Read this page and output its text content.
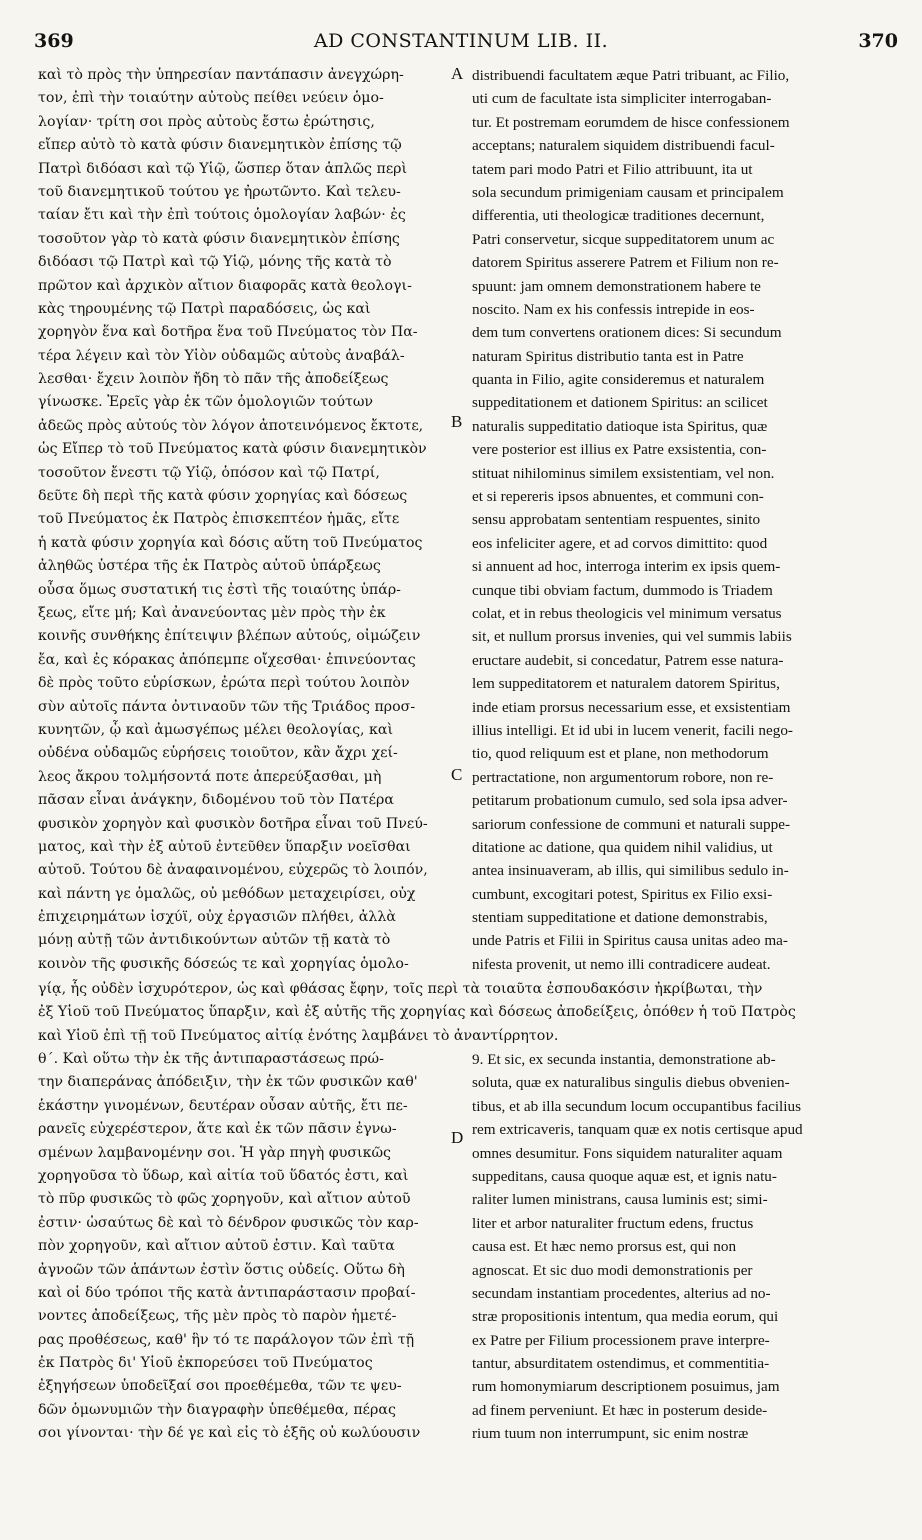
369	AD CONSTANTINUM LIB. II.	370
A
B
C
D
καὶ τὸ πρὸς τὴν ὑπηρεσίαν παντάπασιν ἀνεγχώρη-
τον, ἐπὶ τὴν τοιαύτην αὐτοὺς πείθει νεύειν ὁμο-
λογίαν· τρίτη σοι πρὸς αὐτοὺς ἔστω ἐρώτησις,
εἴπερ αὐτὸ τὸ κατὰ φύσιν διανεμητικὸν ἐπίσης τῷ
Πατρὶ διδόασι καὶ τῷ Υἱῷ, ὥσπερ ὅταν ἁπλῶς περὶ
τοῦ διανεμητικοῦ τούτου γε ἠρωτῶντο. Καὶ τελευ-
ταίαν ἔτι καὶ τὴν ἐπὶ τούτοις ὁμολογίαν λαβών· ἐς
τοσοῦτον γὰρ τὸ κατὰ φύσιν διανεμητικὸν ἐπίσης
διδόασι τῷ Πατρὶ καὶ τῷ Υἱῷ, μόνης τῆς κατὰ τὸ
πρῶτον καὶ ἀρχικὸν αἴτιον διαφορᾶς κατὰ θεολογι-
κὰς τηρουμένης τῷ Πατρὶ παραδόσεις, ὡς καὶ
χορηγὸν ἕνα καὶ δοτῆρα ἕνα τοῦ Πνεύματος τὸν Πα-
τέρα λέγειν καὶ τὸν Υἱὸν οὐδαμῶς αὐτοὺς ἀναβάλ-
λεσθαι· ἔχειν λοιπὸν ἤδη τὸ πᾶν τῆς ἀποδείξεως
γίνωσκε. Ἐρεῖς γὰρ ἐκ τῶν ὁμολογιῶν τούτων
ἀδεῶς πρὸς αὐτούς τὸν λόγον ἀποτεινόμενος ἔκτοτε,
ὡς Εἴπερ τὸ τοῦ Πνεύματος κατὰ φύσιν διανεμητικὸν
τοσοῦτον ἔνεστι τῷ Υἱῷ, ὁπόσον καὶ τῷ Πατρί,
δεῦτε δὴ περὶ τῆς κατὰ φύσιν χορηγίας καὶ δόσεως
τοῦ Πνεύματος ἐκ Πατρὸς ἐπισκεπτέον ἡμᾶς, εἴτε
ἡ κατὰ φύσιν χορηγία καὶ δόσις αὕτη τοῦ Πνεύματος
ἀληθῶς ὑστέρα τῆς ἐκ Πατρὸς αὐτοῦ ὑπάρξεως
οὖσα ὅμως συστατική τις ἐστὶ τῆς τοιαύτης ὑπάρ-
ξεως, εἴτε μή; Καὶ ἀνανεύοντας μὲν πρὸς τὴν ἐκ
κοινῆς συνθήκης ἐπίτειψιν βλέπων αὐτούς, οἰμώζειν
ἔα, καὶ ἐς κόρακας ἀπόπεμπε οἴχεσθαι· ἐπινεύοντας
δὲ πρὸς τοῦτο εὑρίσκων, ἐρώτα περὶ τούτου λοιπὸν
σὺν αὐτοῖς πάντα ὀντιναοῦν τῶν τῆς Τριάδος προσ-
κυνητῶν, ᾧ καὶ ἀμωσγέπως μέλει θεολογίας, καὶ
οὐδένα οὐδαμῶς εὑρήσεις τοιοῦτον, κἂν ἄχρι χεί-
λεος ἄκρου τολμήσοντά ποτε ἀπερεύξασθαι, μὴ
πᾶσαν εἶναι ἀνάγκην, διδομένου τοῦ τὸν Πατέρα
φυσικὸν χορηγὸν καὶ φυσικὸν δοτῆρα εἶναι τοῦ Πνεύ-
ματος, καὶ τὴν ἐξ αὐτοῦ ἐντεῦθεν ὕπαρξιν νοεῖσθαι
αὐτοῦ. Τούτου δὲ ἀναφαινομένου, εὐχερῶς τὸ λοιπόν,
καὶ πάντη γε ὁμαλῶς, οὐ μεθόδων μεταχειρίσει, οὐχ
ἐπιχειρημάτων ἰσχύϊ, οὐχ ἐργασιῶν πλήθει, ἀλλὰ
μόνῃ αὐτῇ τῶν ἀντιδικούντων αὐτῶν τῇ κατὰ τὸ
κοινὸν τῆς φυσικῆς δόσεώς τε καὶ χορηγίας ὁμολο-
distribuendi facultatem æque Patri tribuant, ac Filio,
uti cum de facultate ista simpliciter interrogaban-
tur. Et postremam eorumdem de hisce confessionem
acceptans; naturalem siquidem distribuendi facul-
tatem pari modo Patri et Filio attribuunt, ita ut
sola secundum primigeniam causam et principalem
differentia, uti theologicæ traditiones decernunt,
Patri conservetur, sicque suppeditatorem unum ac
datorem Spiritus asserere Patrem et Filium non re-
spuunt: jam omnem demonstrationem habere te
noscito. Nam ex his confessis intrepide in eos-
dem tum convertens orationem dices: Si secundum
naturam Spiritus distributio tanta est in Patre
quanta in Filio, agite consideremus et naturalem
suppeditationem et dationem Spiritus: an scilicet
naturalis suppeditatio datioque ista Spiritus, quæ
vere posterior est illius ex Patre exsistentia, con-
stituat nihilominus similem exsistentiam, vel non.
et si repereris ipsos abnuentes, et communi con-
sensu approbatam sententiam respuentes, sinito
eos infeliciter agere, et ad corvos dimittito: quod
si annuent ad hoc, interroga interim ex ipsis quem-
cunque tibi obviam factum, dummodo is Triadem
colat, et in rebus theologicis vel minimum versatus
sit, et nullum prorsus invenies, qui vel summis labiis
eructare audebit, si concedatur, Patrem esse natura-
lem suppeditatorem et naturalem datorem Spiritus,
inde etiam prorsus necessarium esse, et exsistentiam
illius intelligi. Et id ubi in lucem venerit, facili nego-
tio, quod reliquum est et plane, non methodorum
pertractatione, non argumentorum robore, non re-
petitarum probationum cumulo, sed sola ipsa adver-
sariorum confessione de communi et naturali suppe-
ditatione ac datione, qua quidem nihil validius, ut
antea insinuaveram, ab illis, qui similibus sedulo in-
cumbunt, excogitari potest, Spiritus ex Filio exsi-
stentiam suppeditatione et datione demonstrabis,
unde Patris et Filii in Spiritus causa unitas adeo ma-
nifesta provenit, ut nemo illi contradicere audeat.
γίᾳ, ἧς οὐδὲν ἰσχυρότερον, ὡς καὶ φθάσας ἔφην, τοῖς περὶ τὰ τοιαῦτα ἐσπουδακόσιν ἠκρίβωται, τὴν
ἐξ Υἱοῦ τοῦ Πνεύματος ὕπαρξιν, καὶ ἐξ αὐτῆς τῆς χορηγίας καὶ δόσεως ἀποδείξεις, ὁπόθεν ἡ τοῦ Πατρὸς
καὶ Υἱοῦ ἐπὶ τῇ τοῦ Πνεύματος αἰτίᾳ ἑνότης λαμβάνει τὸ ἀναντίρρητον.
θ΄. Καὶ οὕτω τὴν ἐκ τῆς ἀντιπαραστάσεως πρώ-
την διαπεράνας ἀπόδειξιν, τὴν ἐκ τῶν φυσικῶν καθ'
ἑκάστην γινομένων, δευτέραν οὖσαν αὐτῆς, ἔτι πε-
ρανεῖς εὐχερέστερον, ἅτε καὶ ἐκ τῶν πᾶσιν ἐγνω-
σμένων λαμβανομένην σοι. Ἡ γὰρ πηγὴ φυσικῶς
χορηγοῦσα τὸ ὕδωρ, καὶ αἰτία τοῦ ὕδατός ἐστι, καὶ
τὸ πῦρ φυσικῶς τὸ φῶς χορηγοῦν, καὶ αἴτιον αὐτοῦ
ἐστιν· ὡσαύτως δὲ καὶ τὸ δένδρον φυσικῶς τὸν καρ-
πὸν χορηγοῦν, καὶ αἴτιον αὐτοῦ ἐστιν. Καὶ ταῦτα
ἀγνοῶν τῶν ἁπάντων ἐστὶν ὅστις οὐδείς. Οὕτω δὴ
καὶ οἱ δύο τρόποι τῆς κατὰ ἀντιπαράστασιν προβαί-
νοντες ἀποδείξεως, τῆς μὲν πρὸς τὸ παρὸν ἡμετέ-
ρας προθέσεως, καθ' ἣν τό τε παράλογον τῶν ἐπὶ τῇ
ἐκ Πατρὸς δι' Υἱοῦ ἐκπορεύσει τοῦ Πνεύματος
ἐξηγήσεων ὑποδεῖξαί σοι προεθέμεθα, τῶν τε ψευ-
δῶν ὁμωνυμιῶν τὴν διαγραφὴν ὑπεθέμεθα, πέρας
σοι γίνονται· τὴν δέ γε καὶ εἰς τὸ ἑξῆς οὐ κωλύουσιν
9. Et sic, ex secunda instantia, demonstratione ab-
soluta, quæ ex naturalibus singulis diebus obvenien-
tibus, et ab illa secundum locum occupantibus facilius
rem extricaveris, tanquam quæ ex notis certisque apud
omnes desumitur. Fons siquidem naturaliter aquam
suppeditans, causa quoque aquæ est, et ignis natu-
raliter lumen ministrans, causa luminis est; simi-
liter et arbor naturaliter fructum edens, fructus
causa est. Et hæc nemo prorsus est, qui non
agnoscat. Et sic duo modi demonstrationis per
secundam instantiam procedentes, alterius ad no-
stræ propositionis intentum, qua media eorum, qui
ex Patre per Filium processionem prave interpre-
tantur, absurditatem ostendimus, et commentitia-
rum homonymiarum descriptionem posuimus, jam
ad finem perveniunt. Et hæc in posterum deside-
rium tuum non interrumpunt, sic enim nostræ
